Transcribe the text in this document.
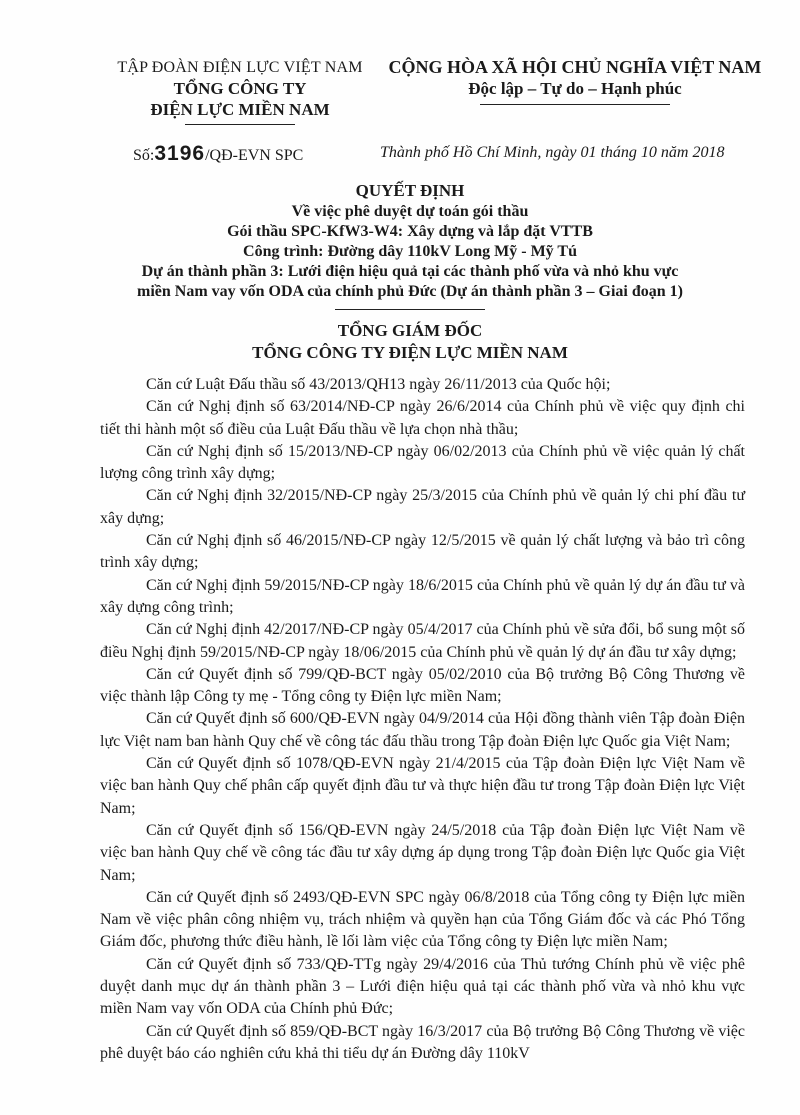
TẬP ĐOÀN ĐIỆN LỰC VIỆT NAM
TỔNG CÔNG TY
ĐIỆN LỰC MIỀN NAM
CỘNG HÒA XÃ HỘI CHỦ NGHĨA VIỆT NAM
Độc lập – Tự do – Hạnh phúc
Số:3196/QĐ-EVN SPC	Thành phố Hồ Chí Minh, ngày 01 tháng 10 năm 2018
QUYẾT ĐỊNH
Về việc phê duyệt dự toán gói thầu
Gói thầu SPC-KfW3-W4: Xây dựng và lắp đặt VTTB
Công trình: Đường dây 110kV Long Mỹ - Mỹ Tú
Dự án thành phần 3: Lưới điện hiệu quả tại các thành phố vừa và nhỏ khu vực
miền Nam vay vốn ODA của chính phủ Đức (Dự án thành phần 3 – Giai đoạn 1)
TỔNG GIÁM ĐỐC
TỔNG CÔNG TY ĐIỆN LỰC MIỀN NAM

Căn cứ Luật Đấu thầu số 43/2013/QH13 ngày 26/11/2013 của Quốc hội;

Căn cứ Nghị định số 63/2014/NĐ-CP ngày 26/6/2014 của Chính phủ về việc quy định chi tiết thi hành một số điều của Luật Đấu thầu về lựa chọn nhà thầu;

Căn cứ Nghị định số 15/2013/NĐ-CP ngày 06/02/2013 của Chính phủ về việc quản lý chất lượng công trình xây dựng;

Căn cứ Nghị định 32/2015/NĐ-CP ngày 25/3/2015 của Chính phủ về quản lý chi phí đầu tư xây dựng;

Căn cứ Nghị định số 46/2015/NĐ-CP ngày 12/5/2015 về quản lý chất lượng và bảo trì công trình xây dựng;

Căn cứ Nghị định 59/2015/NĐ-CP ngày 18/6/2015 của Chính phủ về quản lý dự án đầu tư và xây dựng công trình;

Căn cứ Nghị định 42/2017/NĐ-CP ngày 05/4/2017 của Chính phủ về sửa đổi, bổ sung một số điều Nghị định 59/2015/NĐ-CP ngày 18/06/2015 của Chính phủ về quản lý dự án đầu tư xây dựng;

Căn cứ Quyết định số 799/QĐ-BCT ngày 05/02/2010 của Bộ trưởng Bộ Công Thương về việc thành lập Công ty mẹ - Tổng công ty Điện lực miền Nam;

Căn cứ Quyết định số 600/QĐ-EVN ngày 04/9/2014 của Hội đồng thành viên Tập đoàn Điện lực Việt nam ban hành Quy chế về công tác đấu thầu trong Tập đoàn Điện lực Quốc gia Việt Nam;

Căn cứ Quyết định số 1078/QĐ-EVN ngày 21/4/2015 của Tập đoàn Điện lực Việt Nam về việc ban hành Quy chế phân cấp quyết định đầu tư và thực hiện đầu tư trong Tập đoàn Điện lực Việt Nam;

Căn cứ Quyết định số 156/QĐ-EVN ngày 24/5/2018 của Tập đoàn Điện lực Việt Nam về việc ban hành Quy chế về công tác đầu tư xây dựng áp dụng trong Tập đoàn Điện lực Quốc gia Việt Nam;

Căn cứ Quyết định số 2493/QĐ-EVN SPC ngày 06/8/2018 của Tổng công ty Điện lực miền Nam về việc phân công nhiệm vụ, trách nhiệm và quyền hạn của Tổng Giám đốc và các Phó Tổng Giám đốc, phương thức điều hành, lề lối làm việc của Tổng công ty Điện lực miền Nam;

Căn cứ Quyết định số 733/QĐ-TTg ngày 29/4/2016 của Thủ tướng Chính phủ về việc phê duyệt danh mục dự án thành phần 3 – Lưới điện hiệu quả tại các thành phố vừa và nhỏ khu vực miền Nam vay vốn ODA của Chính phủ Đức;

Căn cứ Quyết định số 859/QĐ-BCT ngày 16/3/2017 của Bộ trưởng Bộ Công Thương về việc phê duyệt báo cáo nghiên cứu khả thi tiểu dự án Đường dây 110kV
